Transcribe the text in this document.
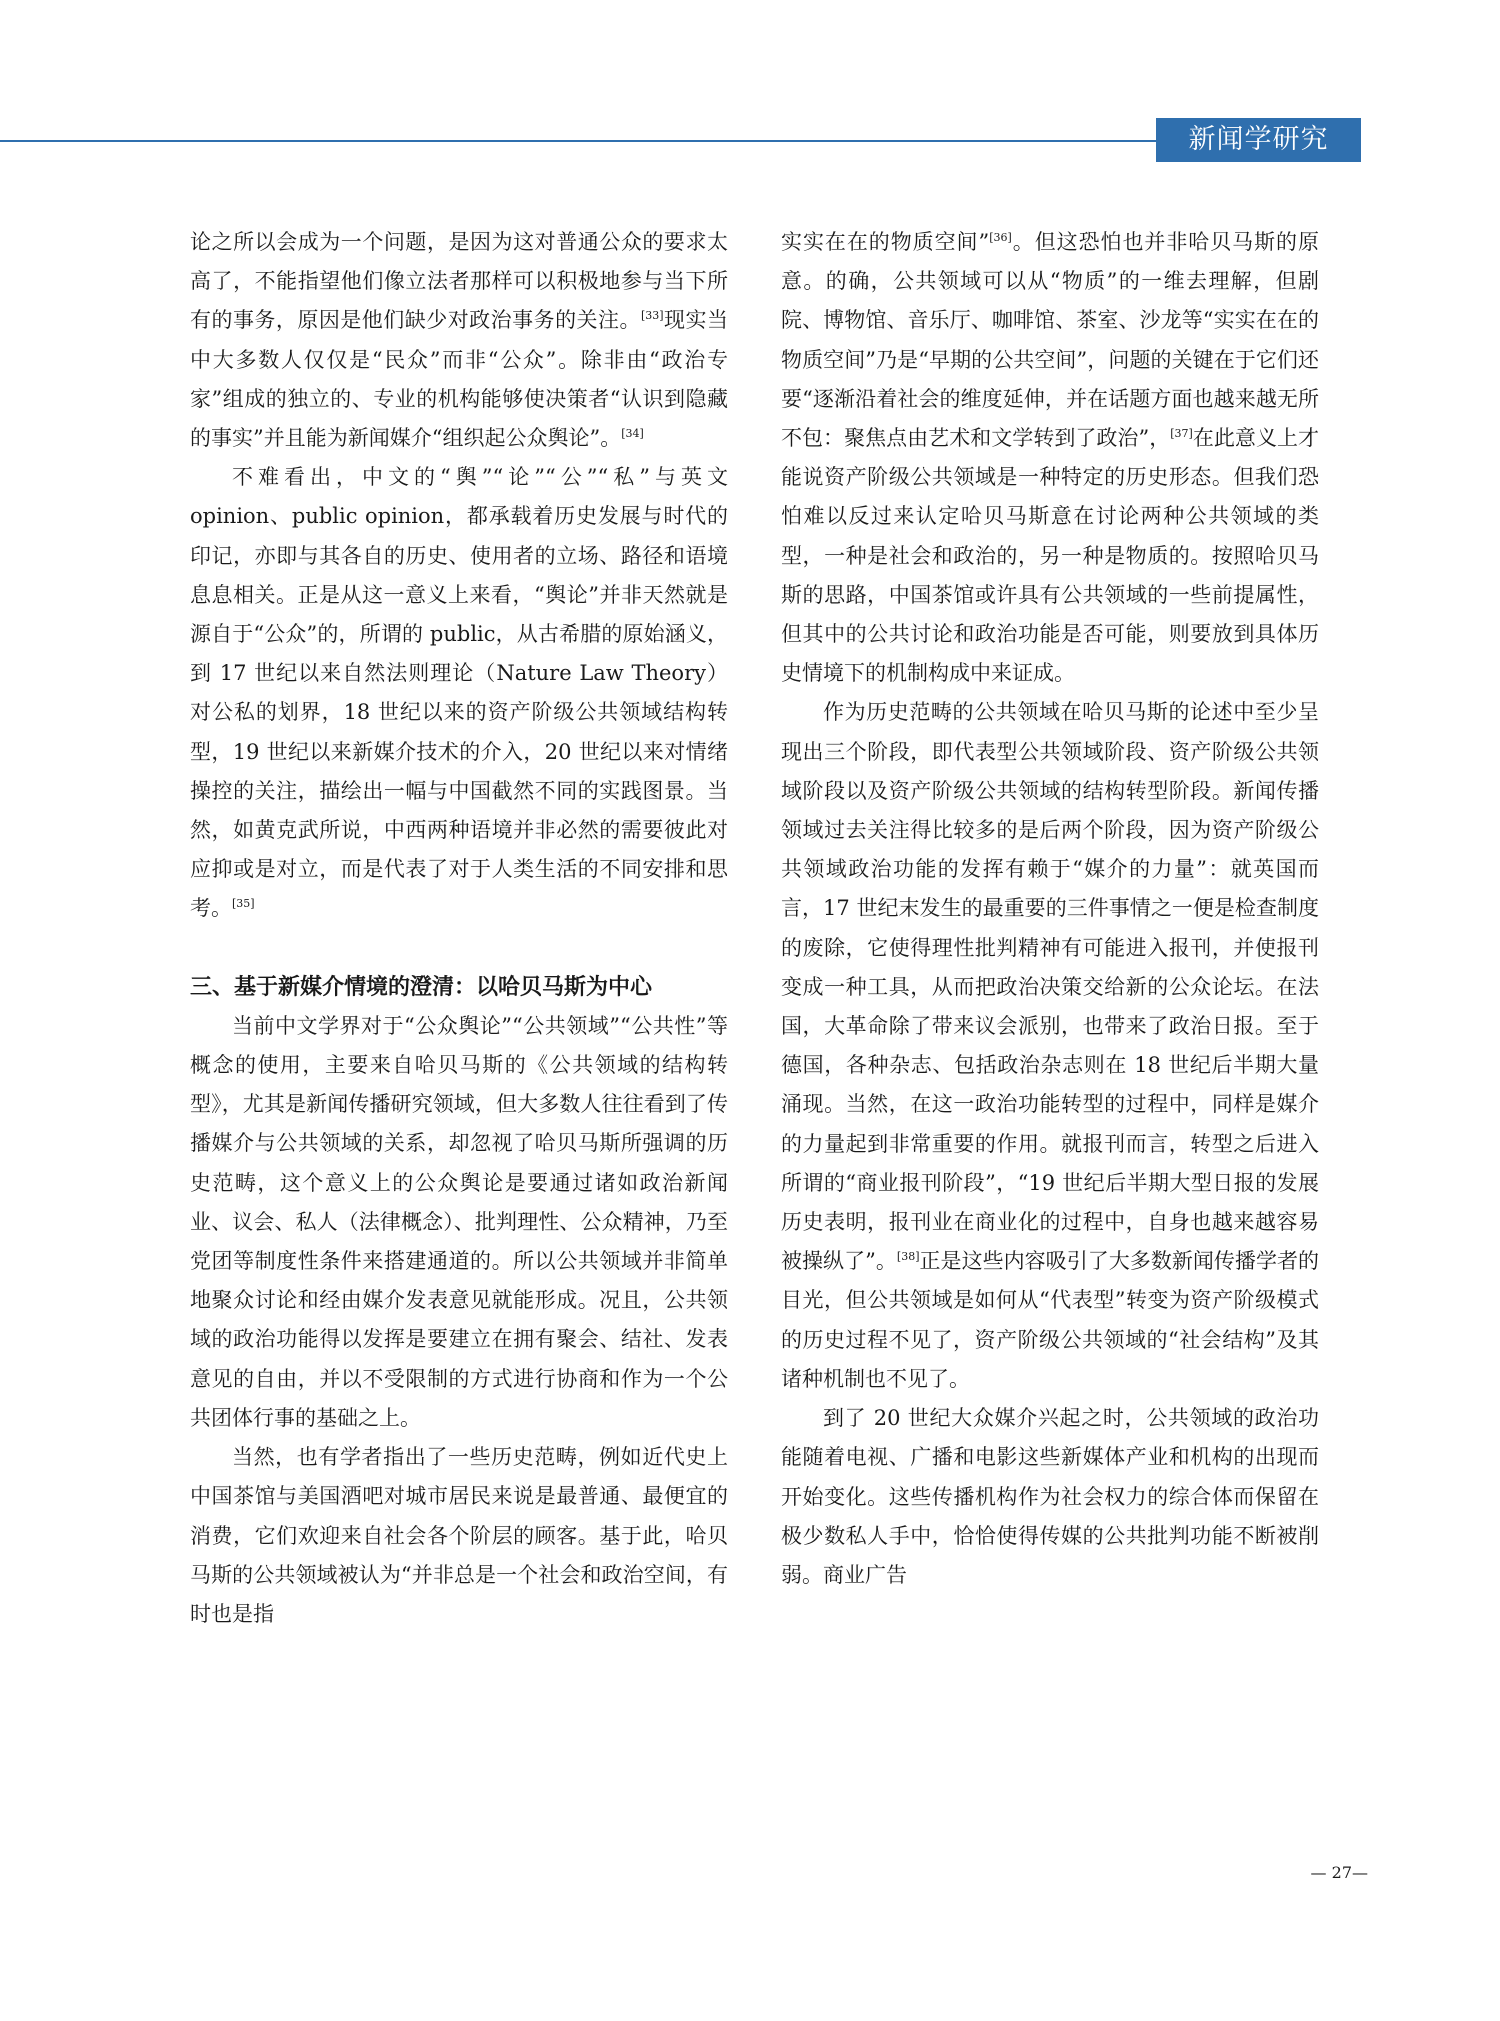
新闻学研究

论之所以会成为一个问题，是因为这对普通公众的要求太高了，不能指望他们像立法者那样可以积极地参与当下所有的事务，原因是他们缺少对政治事务的关注。[33]现实当中大多数人仅仅是“民众”而非“公众”。除非由“政治专家”组成的独立的、专业的机构能够使决策者“认识到隐藏的事实”并且能为新闻媒介“组织起公众舆论”。[34]

不难看出，中文的“舆”“论”“公”“私”与英文 opinion、public opinion，都承载着历史发展与时代的印记，亦即与其各自的历史、使用者的立场、路径和语境息息相关。正是从这一意义上来看，“舆论”并非天然就是源自于“公众”的，所谓的 public，从古希腊的原始涵义，到 17 世纪以来自然法则理论（Nature Law Theory）对公私的划界，18 世纪以来的资产阶级公共领域结构转型，19 世纪以来新媒介技术的介入，20 世纪以来对情绪操控的关注，描绘出一幅与中国截然不同的实践图景。当然，如黄克武所说，中西两种语境并非必然的需要彼此对应抑或是对立，而是代表了对于人类生活的不同安排和思考。[35]

三、基于新媒介情境的澄清：以哈贝马斯为中心

当前中文学界对于“公众舆论”“公共领域”“公共性”等概念的使用，主要来自哈贝马斯的《公共领域的结构转型》，尤其是新闻传播研究领域，但大多数人往往看到了传播媒介与公共领域的关系，却忽视了哈贝马斯所强调的历史范畴，这个意义上的公众舆论是要通过诸如政治新闻业、议会、私人（法律概念）、批判理性、公众精神，乃至党团等制度性条件来搭建通道的。所以公共领域并非简单地聚众讨论和经由媒介发表意见就能形成。况且，公共领域的政治功能得以发挥是要建立在拥有聚会、结社、发表意见的自由，并以不受限制的方式进行协商和作为一个公共团体行事的基础之上。

当然，也有学者指出了一些历史范畴，例如近代史上中国茶馆与美国酒吧对城市居民来说是最普通、最便宜的消费，它们欢迎来自社会各个阶层的顾客。基于此，哈贝马斯的公共领域被认为“并非总是一个社会和政治空间，有时也是指

实实在在的物质空间”[36]。但这恐怕也并非哈贝马斯的原意。的确，公共领域可以从“物质”的一维去理解，但剧院、博物馆、音乐厅、咖啡馆、茶室、沙龙等“实实在在的物质空间”乃是“早期的公共空间”，问题的关键在于它们还要“逐渐沿着社会的维度延伸，并在话题方面也越来越无所不包：聚焦点由艺术和文学转到了政治”，[37]在此意义上才能说资产阶级公共领域是一种特定的历史形态。但我们恐怕难以反过来认定哈贝马斯意在讨论两种公共领域的类型，一种是社会和政治的，另一种是物质的。按照哈贝马斯的思路，中国茶馆或许具有公共领域的一些前提属性，但其中的公共讨论和政治功能是否可能，则要放到具体历史情境下的机制构成中来证成。

作为历史范畴的公共领域在哈贝马斯的论述中至少呈现出三个阶段，即代表型公共领域阶段、资产阶级公共领域阶段以及资产阶级公共领域的结构转型阶段。新闻传播领域过去关注得比较多的是后两个阶段，因为资产阶级公共领域政治功能的发挥有赖于“媒介的力量”：就英国而言，17 世纪末发生的最重要的三件事情之一便是检查制度的废除，它使得理性批判精神有可能进入报刊，并使报刊变成一种工具，从而把政治决策交给新的公众论坛。在法国，大革命除了带来议会派别，也带来了政治日报。至于德国，各种杂志、包括政治杂志则在 18 世纪后半期大量涌现。当然，在这一政治功能转型的过程中，同样是媒介的力量起到非常重要的作用。就报刊而言，转型之后进入所谓的“商业报刊阶段”，“19 世纪后半期大型日报的发展历史表明，报刊业在商业化的过程中，自身也越来越容易被操纵了”。[38]正是这些内容吸引了大多数新闻传播学者的目光，但公共领域是如何从“代表型”转变为资产阶级模式的历史过程不见了，资产阶级公共领域的“社会结构”及其诸种机制也不见了。

到了 20 世纪大众媒介兴起之时，公共领域的政治功能随着电视、广播和电影这些新媒体产业和机构的出现而开始变化。这些传播机构作为社会权力的综合体而保留在极少数私人手中，恰恰使得传媒的公共批判功能不断被削弱。商业广告

— 27—
